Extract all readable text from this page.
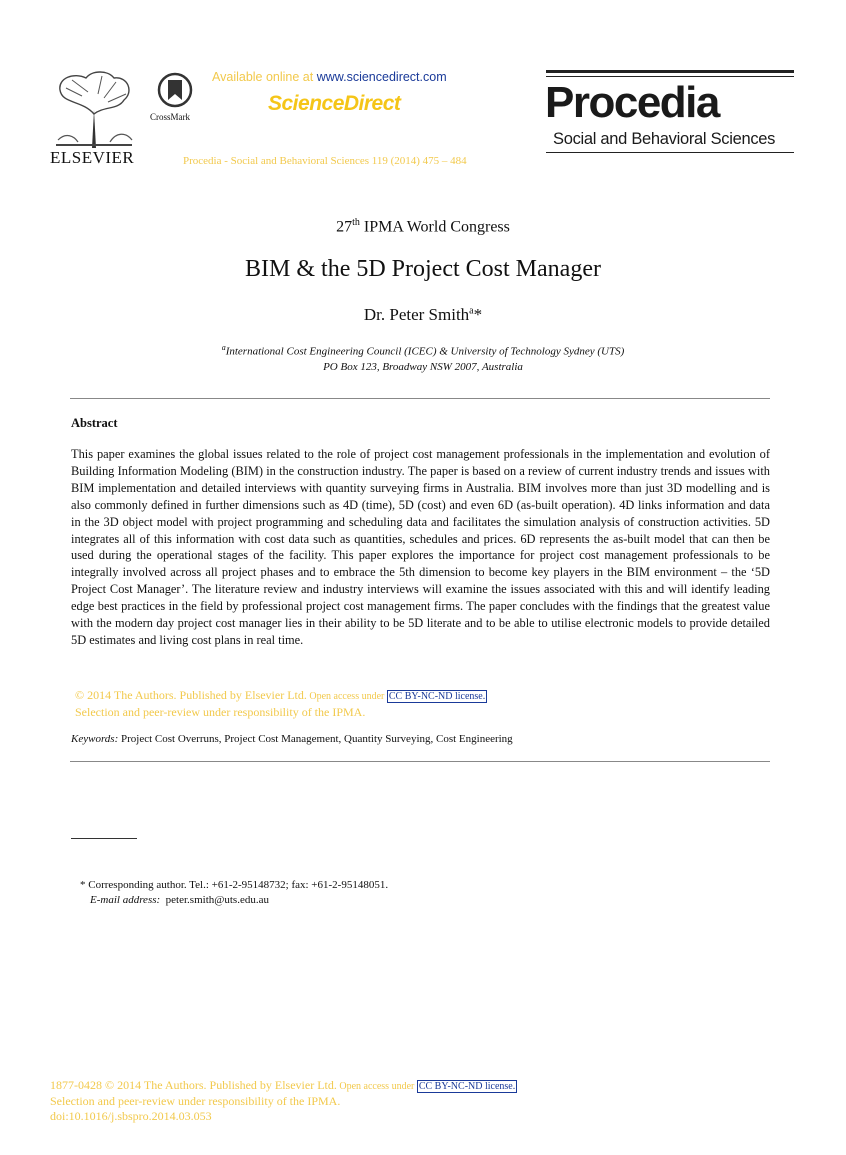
ELSEVIER
CrossMark
Available online at www.sciencedirect.com
ScienceDirect
Procedia - Social and Behavioral Sciences 119 (2014) 475 – 484
Procedia
Social and Behavioral Sciences
27th IPMA World Congress
BIM & the 5D Project Cost Manager
Dr. Peter Smith$^a$*
$^a$International Cost Engineering Council (ICEC) & University of Technology Sydney (UTS)
PO Box 123, Broadway NSW 2007, Australia
Abstract
This paper examines the global issues related to the role of project cost management professionals in the implementation and evolution of Building Information Modeling (BIM) in the construction industry. The paper is based on a review of current industry trends and issues with BIM implementation and detailed interviews with quantity surveying firms in Australia. BIM involves more than just 3D modelling and is also commonly defined in further dimensions such as 4D (time), 5D (cost) and even 6D (as-built operation). 4D links information and data in the 3D object model with project programming and scheduling data and facilitates the simulation analysis of construction activities. 5D integrates all of this information with cost data such as quantities, schedules and prices. 6D represents the as-built model that can then be used during the operational stages of the facility. This paper explores the importance for project cost management professionals to be integrally involved across all project phases and to embrace the 5th dimension to become key players in the BIM environment – the ‘5D Project Cost Manager’. The literature review and industry interviews will examine the issues associated with this and will identify leading edge best practices in the field by professional project cost management firms. The paper concludes with the findings that the greatest value with the modern day project cost manager lies in their ability to be 5D literate and to be able to utilise electronic models to provide detailed 5D estimates and living cost plans in real time.
© 2014 The Authors. Published by Elsevier Ltd. Open access under CC BY-NC-ND license.
Selection and peer-review under responsibility of the IPMA.
Keywords: Project Cost Overruns, Project Cost Management, Quantity Surveying, Cost Engineering
* Corresponding author. Tel.: +61-2-95148732; fax: +61-2-95148051.
E-mail address: peter.smith@uts.edu.au
1877-0428 © 2014 The Authors. Published by Elsevier Ltd. Open access under CC BY-NC-ND license.
Selection and peer-review under responsibility of the IPMA.
doi:10.1016/j.sbspro.2014.03.053
